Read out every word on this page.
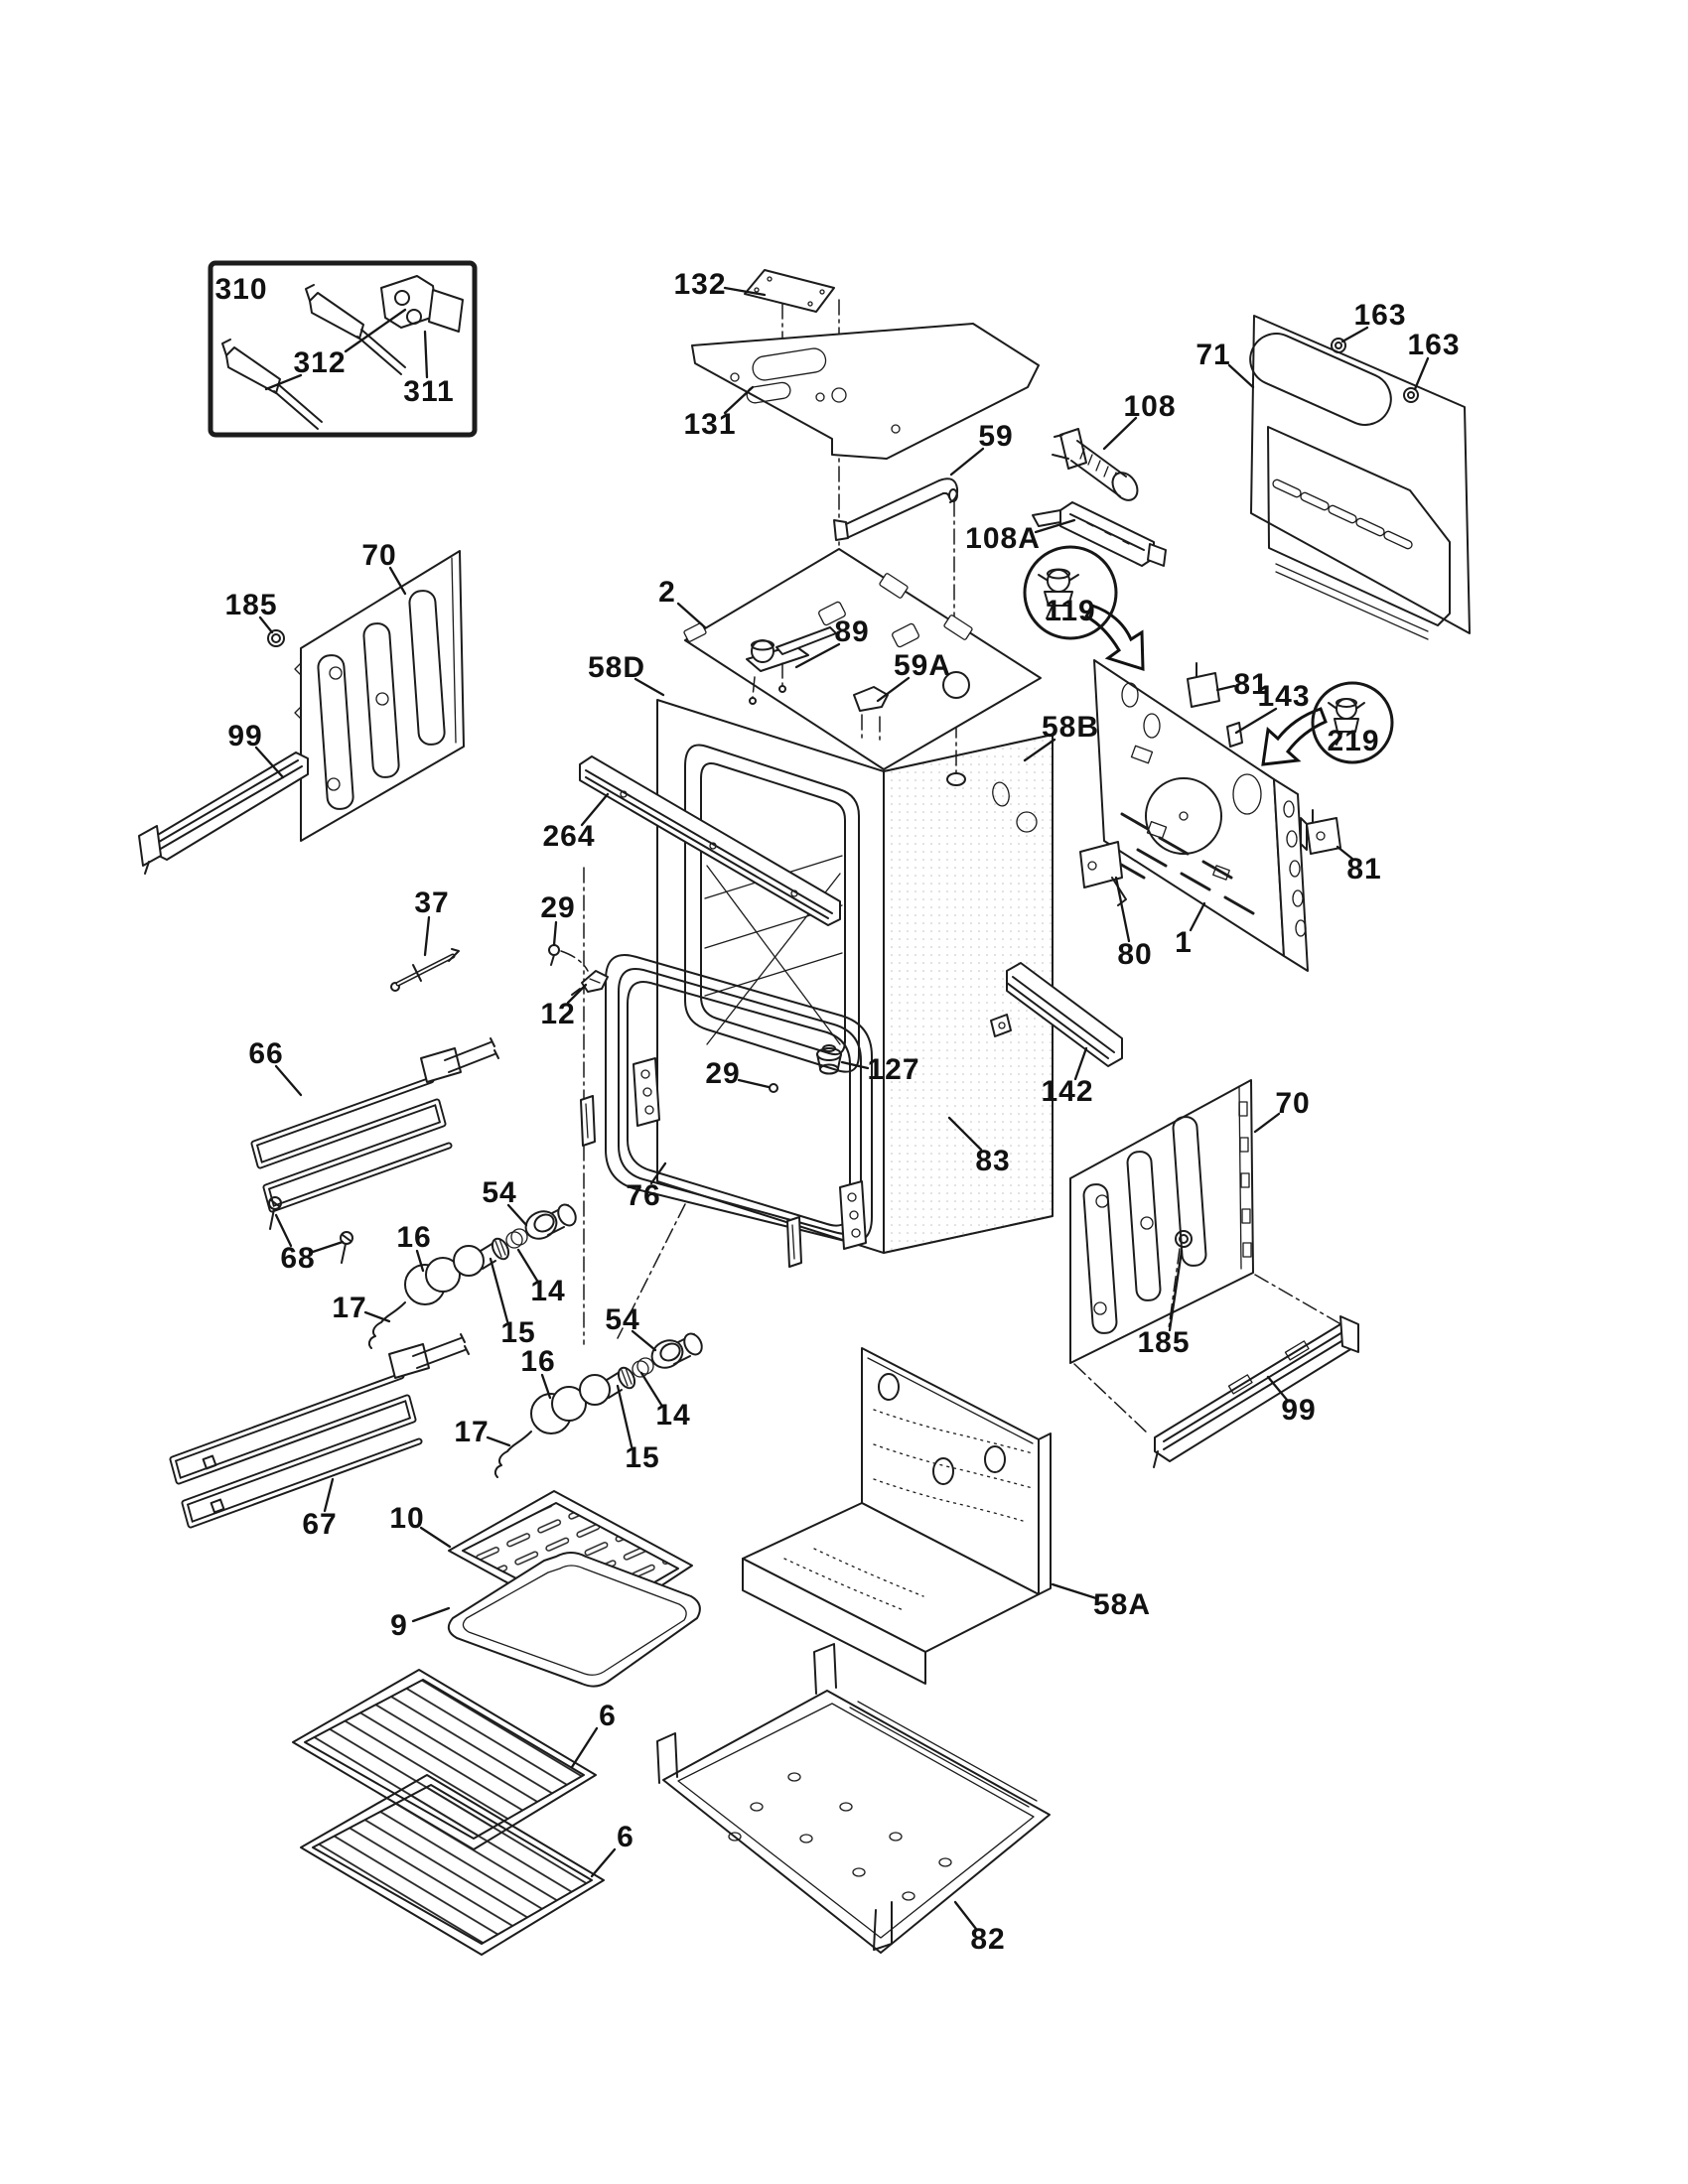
310
312
311
132
131	59
108
108A
71
163
163
119
2
89
59A
58D
58B
70
185
99
264
37	29
12
66
68
16
54
14
15
17	54
16
14
15
17
67 10
9
6
6
82
58A
81
143
219
81
80 1
142
83
70
185
99
127
29
76
